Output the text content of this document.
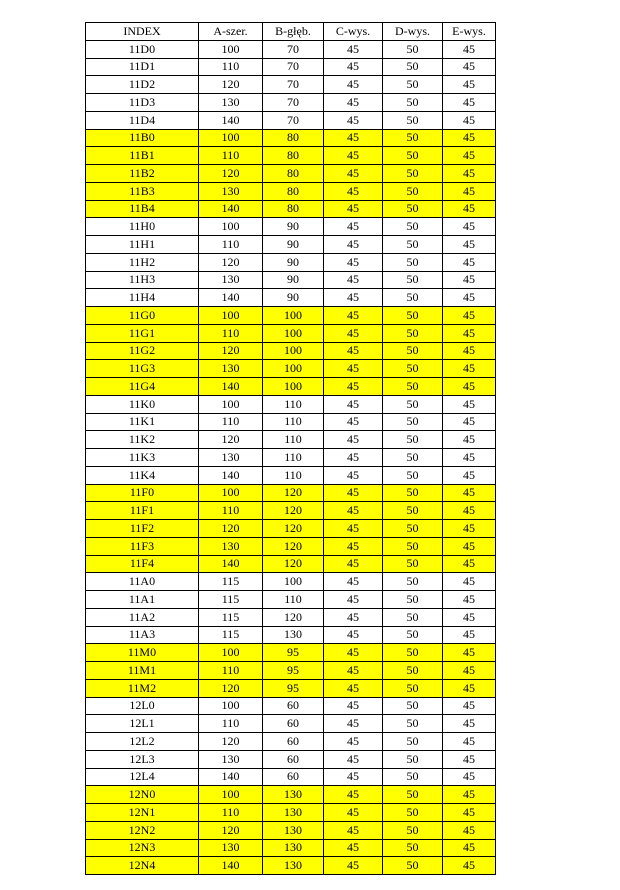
INDEX	A-szer.	B-głęb.	C-wys.	D-wys.	E-wys.
11D0	100	70	45	50	45
11D1	110	70	45	50	45
11D2	120	70	45	50	45
11D3	130	70	45	50	45
11D4	140	70	45	50	45
11B0	100	80	45	50	45
11B1	110	80	45	50	45
11B2	120	80	45	50	45
11B3	130	80	45	50	45
11B4	140	80	45	50	45
11H0	100	90	45	50	45
11H1	110	90	45	50	45
11H2	120	90	45	50	45
11H3	130	90	45	50	45
11H4	140	90	45	50	45
11G0	100	100	45	50	45
11G1	110	100	45	50	45
11G2	120	100	45	50	45
11G3	130	100	45	50	45
11G4	140	100	45	50	45
11K0	100	110	45	50	45
11K1	110	110	45	50	45
11K2	120	110	45	50	45
11K3	130	110	45	50	45
11K4	140	110	45	50	45
11F0	100	120	45	50	45
11F1	110	120	45	50	45
11F2	120	120	45	50	45
11F3	130	120	45	50	45
11F4	140	120	45	50	45
11A0	115	100	45	50	45
11A1	115	110	45	50	45
11A2	115	120	45	50	45
11A3	115	130	45	50	45
11M0	100	95	45	50	45
11M1	110	95	45	50	45
11M2	120	95	45	50	45
12L0	100	60	45	50	45
12L1	110	60	45	50	45
12L2	120	60	45	50	45
12L3	130	60	45	50	45
12L4	140	60	45	50	45
12N0	100	130	45	50	45
12N1	110	130	45	50	45
12N2	120	130	45	50	45
12N3	130	130	45	50	45
12N4	140	130	45	50	45
